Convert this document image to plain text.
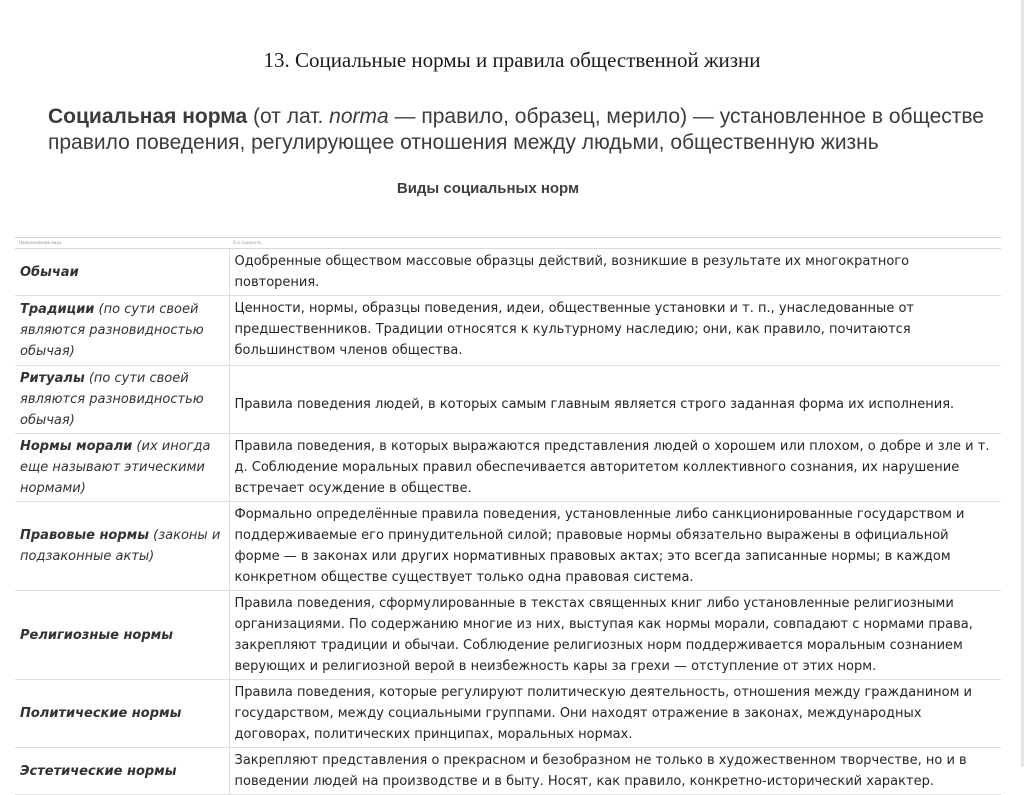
13. Социальные нормы и правила общественной жизни
Социальная норма (от лат. norma — правило, образец, мерило) — установленное в обществе правило поведения, регулирующее отношения между людьми, общественную жизнь
Виды социальных норм
Наименование вида	Его сущность
Обычаи	Одобренные обществом массовые образцы действий, возникшие в результате их многократного повторения.
Традиции (по сути своей являются разновидностью обычая)	Ценности, нормы, образцы поведения, идеи, общественные установки и т. п., унаследованные от предшественников. Традиции относятся к культурному наследию; они, как правило, почитаются большинством членов общества.
Ритуалы (по сути своей являются разновидностью обычая)	Правила поведения людей, в которых самым главным является строго заданная форма их исполнения.
Нормы морали (их иногда еще называют этическими нормами)	Правила поведения, в которых выражаются представления людей о хорошем или плохом, о добре и зле и т. д. Соблюдение моральных правил обеспечивается авторитетом коллективного сознания, их нарушение встречает осуждение в обществе.
Правовые нормы (законы и подзаконные акты)	Формально определённые правила поведения, установленные либо санкционированные государством и поддерживаемые его принудительной силой; правовые нормы обязательно выражены в официальной форме — в законах или других нормативных правовых актах; это всегда записанные нормы; в каждом конкретном обществе существует только одна правовая система.
Религиозные нормы	Правила поведения, сформулированные в текстах священных книг либо установленные религиозными организациями. По содержанию многие из них, выступая как нормы морали, совпадают с нормами права, закрепляют традиции и обычаи. Соблюдение религиозных норм поддерживается моральным сознанием верующих и религиозной верой в неизбежность кары за грехи — отступление от этих норм.
Политические нормы	Правила поведения, которые регулируют политическую деятельность, отношения между гражданином и государством, между социальными группами. Они находят отражение в законах, международных договорах, политических принципах, моральных нормах.
Эстетические нормы	Закрепляют представления о прекрасном и безобразном не только в художественном творчестве, но и в поведении людей на производстве и в быту. Носят, как правило, конкретно-исторический характер.
